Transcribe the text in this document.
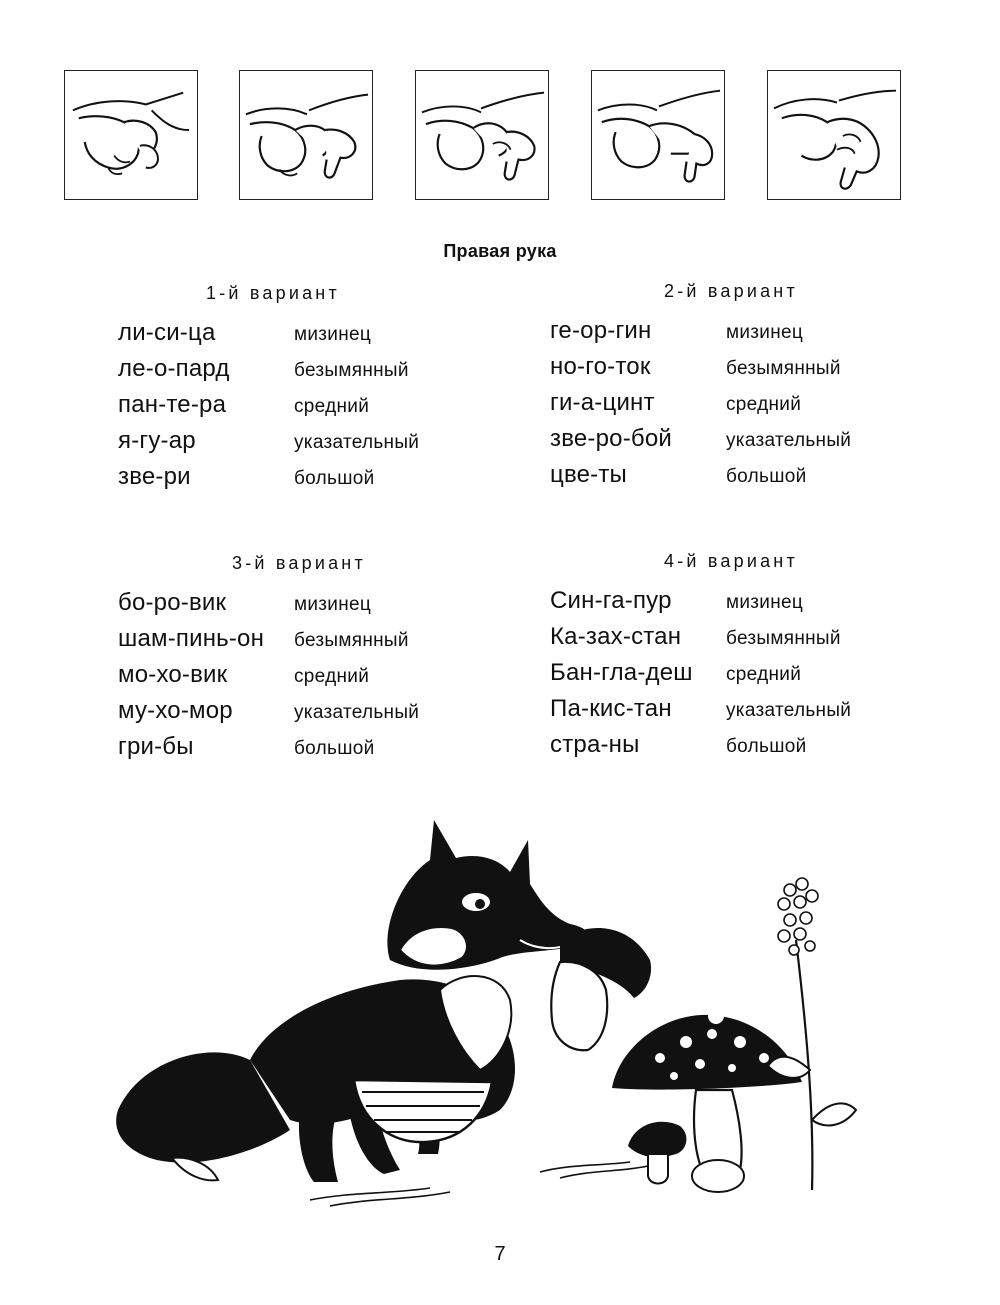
Правая рука
1-й вариант
ли-си-ца	мизинец
ле-о-пард	безымянный
пан-те-ра	средний
я-гу-ар	указательный
зве-ри	большой
2-й вариант
ге-ор-гин	мизинец
но-го-ток	безымянный
ги-а-цинт	средний
зве-ро-бой	указательный
цве-ты	большой
3-й вариант
бо-ро-вик	мизинец
шам-пинь-он безымянный
мо-хо-вик	средний
му-хо-мор	указательный
гри-бы	большой
4-й вариант
Син-га-пур	мизинец
Ка-зах-стан безымянный
Бан-гла-деш средний
Па-кис-тан	указательный
стра-ны	большой
7
